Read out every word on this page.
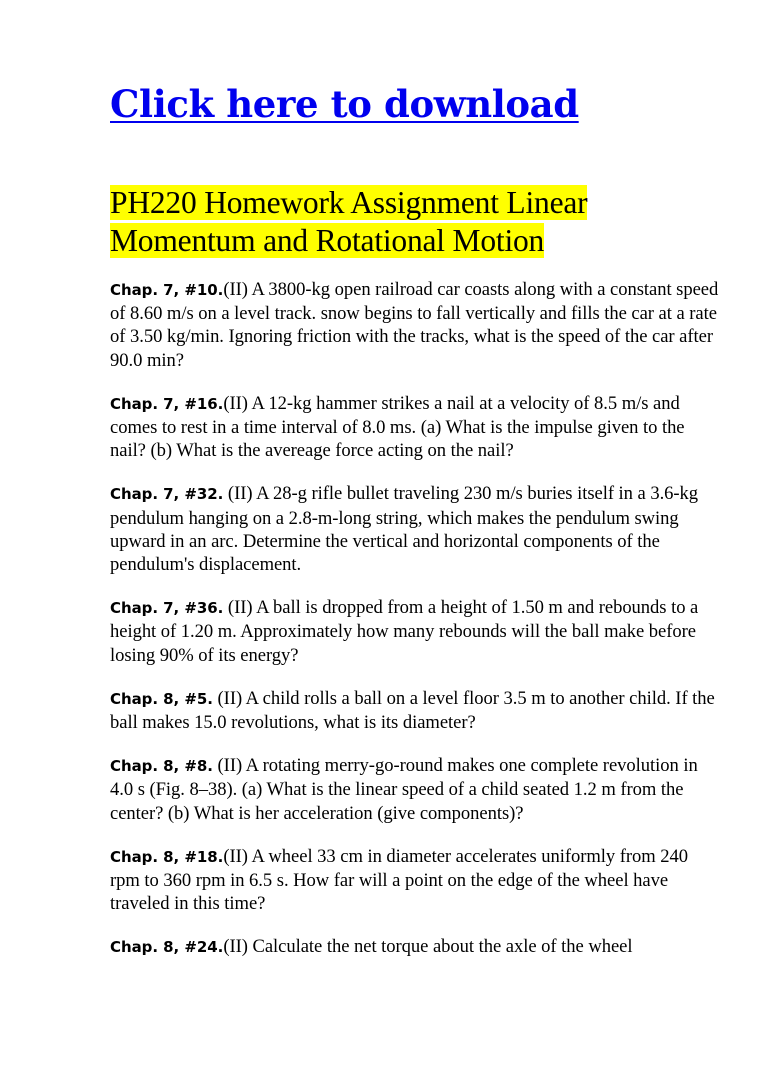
Click here to download
PH220 Homework Assignment Linear
Momentum and Rotational Motion

Chap. 7, #10.(II) A 3800-kg open railroad car coasts along with a constant speed of 8.60 m/s on a level track. snow begins to fall vertically and fills the car at a rate of 3.50 kg/min. Ignoring friction with the tracks, what is the speed of the car after 90.0 min?

Chap. 7, #16.(II) A 12-kg hammer strikes a nail at a velocity of 8.5 m/s and comes to rest in a time interval of 8.0 ms. (a) What is the impulse given to the nail? (b) What is the avereage force acting on the nail?

Chap. 7, #32. (II) A 28-g rifle bullet traveling 230 m/s buries itself in a 3.6-kg pendulum hanging on a 2.8-m-long string, which makes the pendulum swing upward in an arc. Determine the vertical and horizontal components of the pendulum's displacement.

Chap. 7, #36. (II) A ball is dropped from a height of 1.50 m and rebounds to a height of 1.20 m. Approximately how many rebounds will the ball make before losing 90% of its energy?

Chap. 8, #5. (II) A child rolls a ball on a level floor 3.5 m to another child. If the ball makes 15.0 revolutions, what is its diameter?

Chap. 8, #8. (II) A rotating merry-go-round makes one complete revolution in 4.0 s (Fig. 8–38). (a) What is the linear speed of a child seated 1.2 m from the center? (b) What is her acceleration (give components)?

Chap. 8, #18.(II) A wheel 33 cm in diameter accelerates uniformly from 240 rpm to 360 rpm in 6.5 s. How far will a point on the edge of the wheel have traveled in this time?

Chap. 8, #24.(II) Calculate the net torque about the axle of the wheel
